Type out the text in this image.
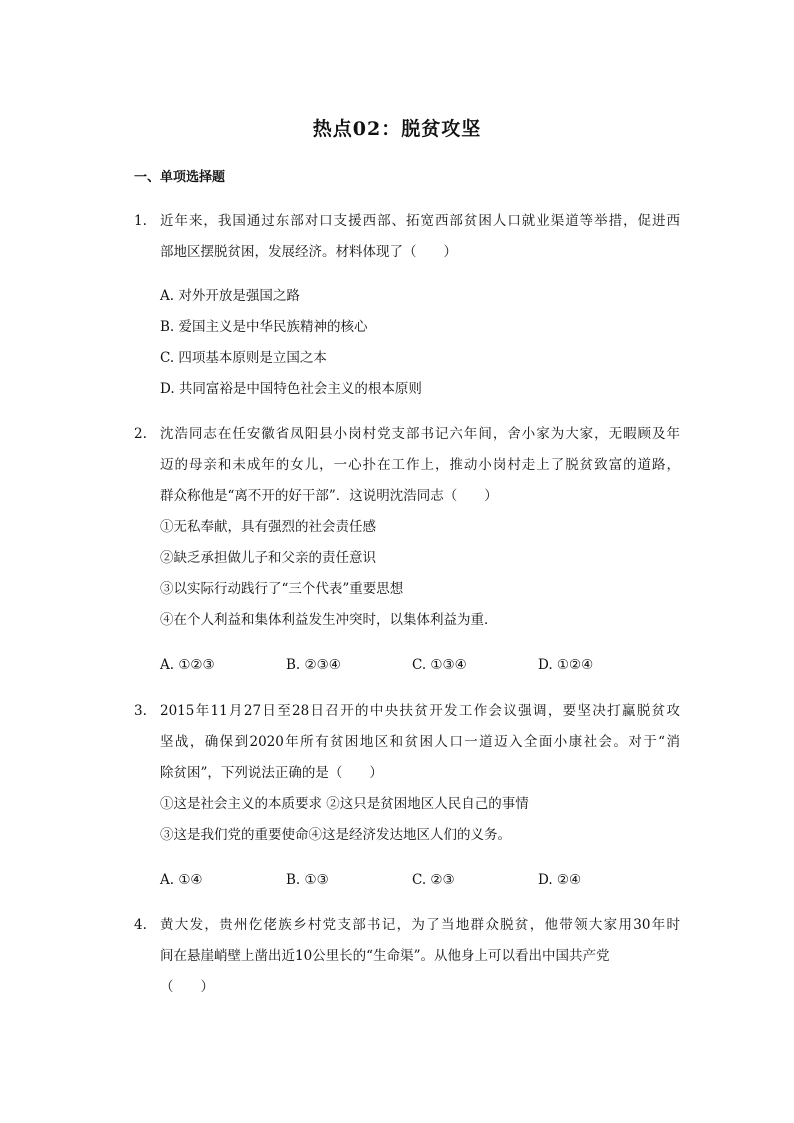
热点02：脱贫攻坚
一、单项选择题
1. 近年来，我国通过东部对口支援西部、拓宽西部贫困人口就业渠道等举措，促进西
部地区摆脱贫困，发展经济。材料体现了（　　）
A. 对外开放是强国之路
B. 爱国主义是中华民族精神的核心
C. 四项基本原则是立国之本
D. 共同富裕是中国特色社会主义的根本原则
2. 沈浩同志在任安徽省凤阳县小岗村党支部书记六年间，舍小家为大家，无暇顾及年
迈的母亲和未成年的女儿，一心扑在工作上，推动小岗村走上了脱贫致富的道路，
群众称他是“离不开的好干部”．这说明沈浩同志（　　）
①无私奉献，具有强烈的社会责任感
②缺乏承担做儿子和父亲的责任意识
③以实际行动践行了“三个代表”重要思想
④在个人利益和集体利益发生冲突时，以集体利益为重．
A. ①②③	B. ②③④	C. ①③④	D. ①②④
3. 2015年11月27日至28日召开的中央扶贫开发工作会议强调，要坚决打赢脱贫攻
坚战，确保到2020年所有贫困地区和贫困人口一道迈入全面小康社会。对于“消
除贫困”，下列说法正确的是（　　）
①这是社会主义的本质要求 ②这只是贫困地区人民自己的事情
③这是我们党的重要使命④这是经济发达地区人们的义务。
A. ①④	B. ①③	C. ②③	D. ②④
4. 黄大发，贵州仡佬族乡村党支部书记，为了当地群众脱贫，他带领大家用30年时
间在悬崖峭壁上凿出近10公里长的“生命渠”。从他身上可以看出中国共产党
（　　）
